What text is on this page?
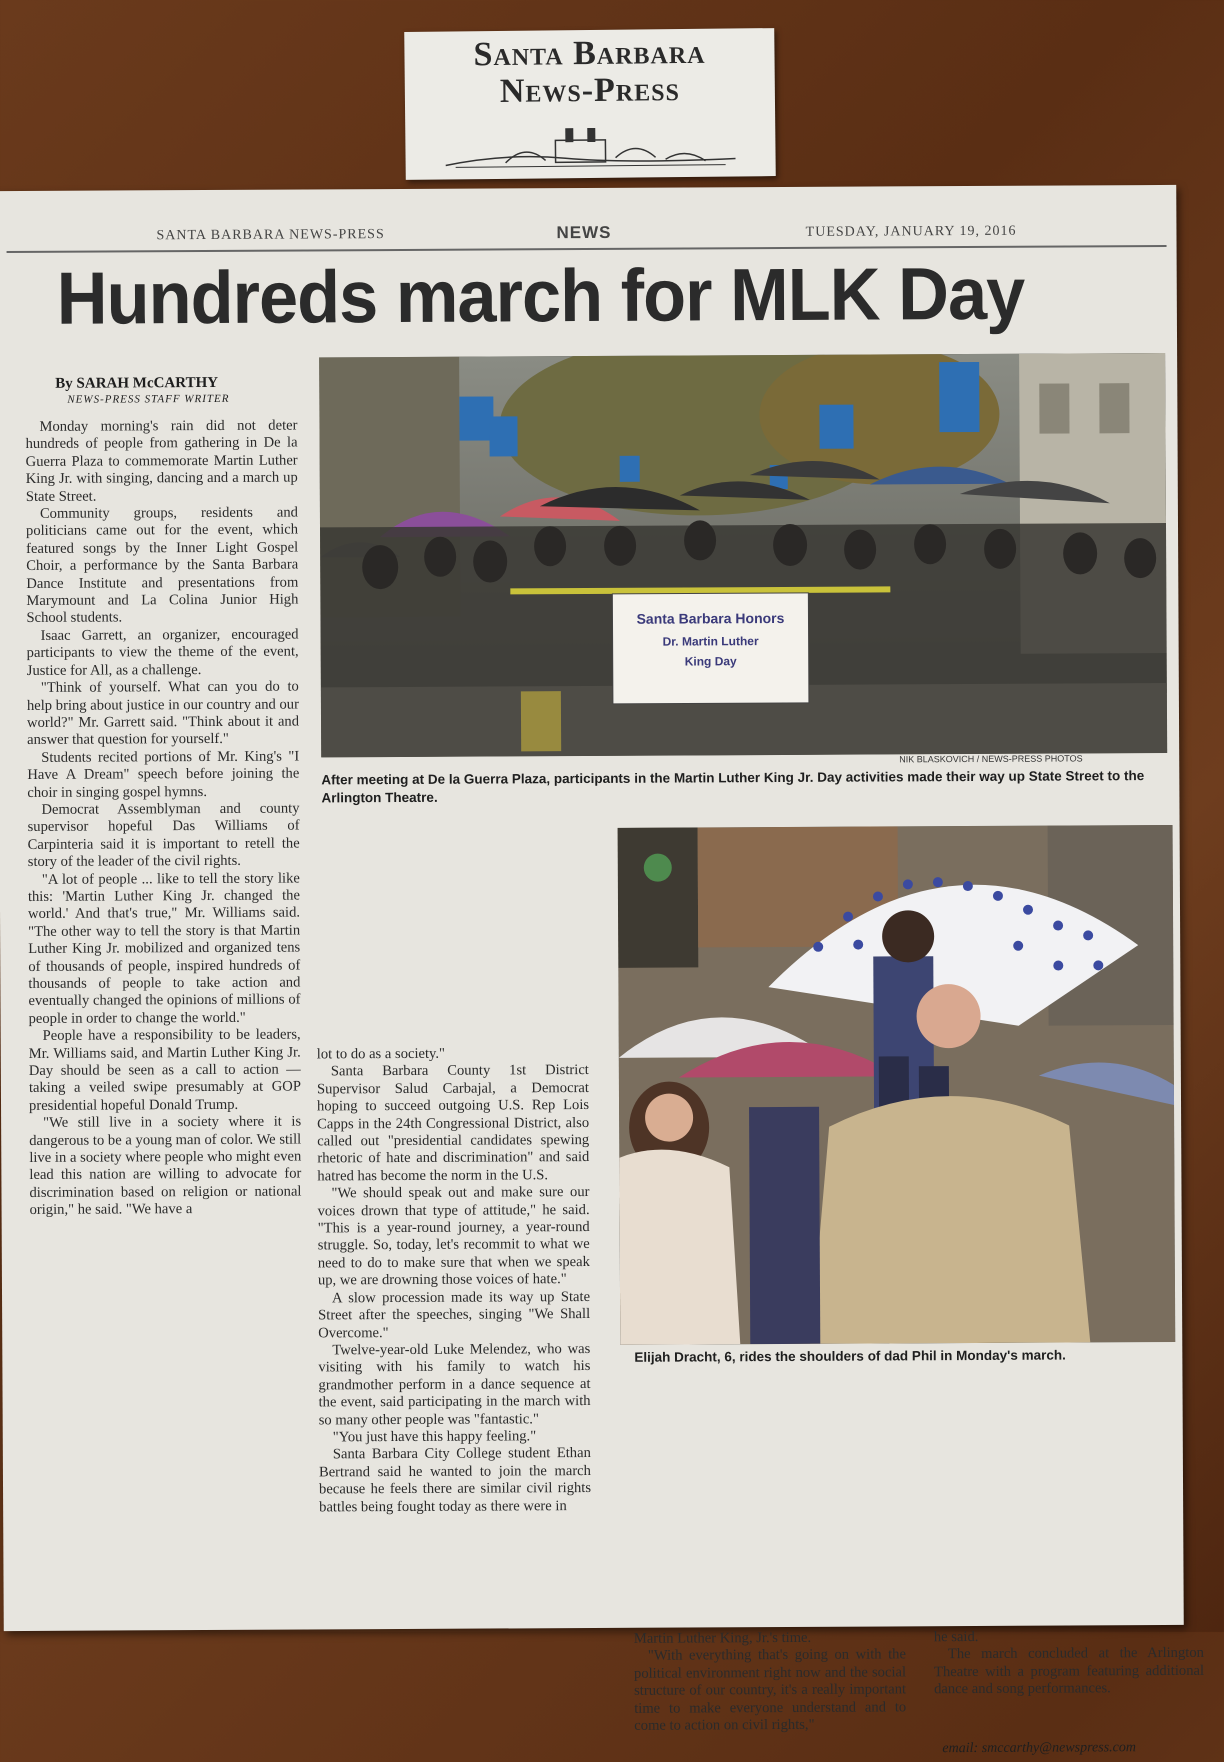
Santa Barbara
News-Press
SANTA BARBARA NEWS-PRESS	NEWS	TUESDAY, JANUARY 19, 2016
Hundreds march for MLK Day
By SARAH McCARTHY
NEWS-PRESS STAFF WRITER

Monday morning's rain did not deter hundreds of people from gathering in De la Guerra Plaza to commemorate Martin Luther King Jr. with singing, dancing and a march up State Street.

Community groups, residents and politicians came out for the event, which featured songs by the Inner Light Gospel Choir, a performance by the Santa Barbara Dance Institute and presentations from Marymount and La Colina Junior High School students.

Isaac Garrett, an organizer, encouraged participants to view the theme of the event, Justice for All, as a challenge.

"Think of yourself. What can you do to help bring about justice in our country and our world?" Mr. Garrett said. "Think about it and answer that question for yourself."

Students recited portions of Mr. King's "I Have A Dream" speech before joining the choir in singing gospel hymns.

Democrat Assemblyman and county supervisor hopeful Das Williams of Carpinteria said it is important to retell the story of the leader of the civil rights.

"A lot of people ... like to tell the story like this: 'Martin Luther King Jr. changed the world.' And that's true," Mr. Williams said. "The other way to tell the story is that Martin Luther King Jr. mobilized and organized tens of thousands of people, inspired hundreds of thousands of people to take action and eventually changed the opinions of millions of people in order to change the world."

People have a responsibility to be leaders, Mr. Williams said, and Martin Luther King Jr. Day should be seen as a call to action — taking a veiled swipe presumably at GOP presidential hopeful Donald Trump.

"We still live in a society where it is dangerous to be a young man of color. We still live in a society where people who might even lead this nation are willing to advocate for discrimination based on religion or national origin," he said. "We have a

Santa Barbara Honors
Dr. Martin Luther
King Day
NIK BLASKOVICH / NEWS-PRESS PHOTOS
After meeting at De la Guerra Plaza, participants in the Martin Luther King Jr. Day activities made their way up State Street to the Arlington Theatre.

lot to do as a society."

Santa Barbara County 1st District Supervisor Salud Carbajal, a Democrat hoping to succeed outgoing U.S. Rep Lois Capps in the 24th Congressional District, also called out "presidential candidates spewing rhetoric of hate and discrimination" and said hatred has become the norm in the U.S.

"We should speak out and make sure our voices drown that type of attitude," he said. "This is a year-round journey, a year-round struggle. So, today, let's recommit to what we need to do to make sure that when we speak up, we are drowning those voices of hate."

A slow procession made its way up State Street after the speeches, singing "We Shall Overcome."

Twelve-year-old Luke Melendez, who was visiting with his family to watch his grandmother perform in a dance sequence at the event, said participating in the march with so many other people was "fantastic."

"You just have this happy feeling."

Santa Barbara City College student Ethan Bertrand said he wanted to join the march because he feels there are similar civil rights battles being fought today as there were in

Elijah Dracht, 6, rides the shoulders of dad Phil in Monday's march.

Martin Luther King, Jr.'s time.

"With everything that's going on with the political environment right now and the social structure of our country, it's a really important time to make everyone understand and to come to action on civil rights,"

he said.

The march concluded at the Arlington Theatre with a program featuring additional dance and song performances.

email: smccarthy@newspress.com
